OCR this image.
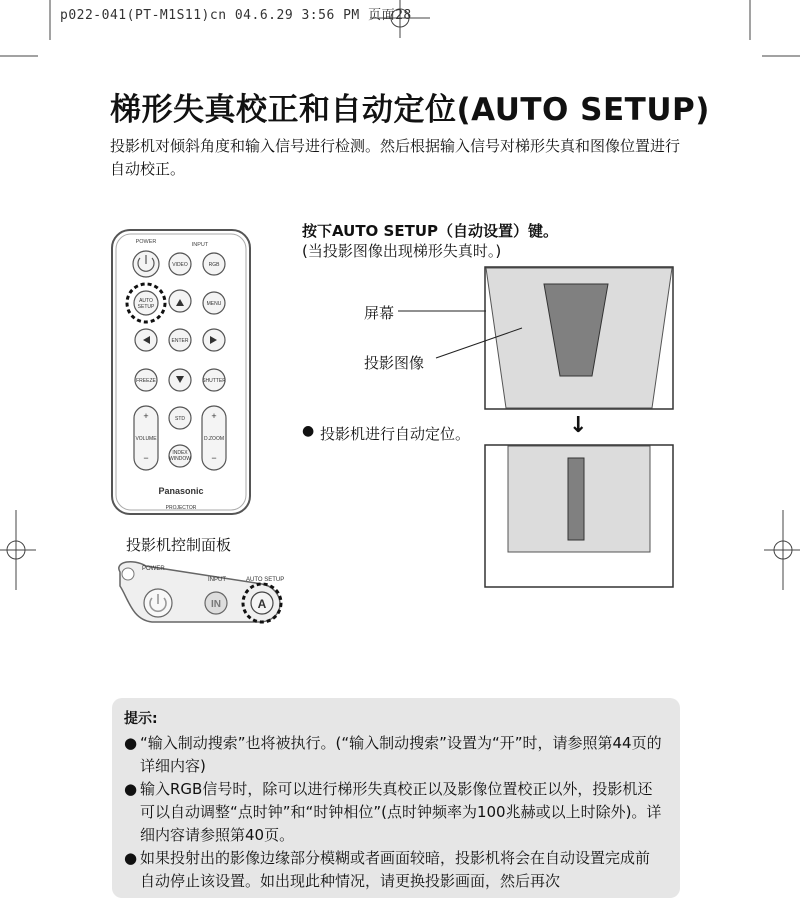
p022-041(PT-M1S11)cn 04.6.29 3:56 PM 页面28
梯形失真校正和自动定位(AUTO SETUP)
投影机对倾斜角度和输入信号进行检测。然后根据输入信号对梯形失真和图像位置进行自动校正。
POWER	INPUT
VIDEO	RGB
AUTO
SETUP	MENU
ENTER
FREEZE	SHUTTER
STD
VOLUME	D.ZOOM
INDEX
WINDOW
PROJECTOR
+
−
+
−
Panasonic
投影机控制面板
POWER
INPUT	AUTO SETUP
IN	A
按下AUTO SETUP（自动设置）键。
(当投影图像出现梯形失真时。)
屏幕
投影图像
↓
● 投影机进行自动定位。
提示:
● “输入制动搜索”也将被执行。(“输入制动搜索”设置为“开”时，请参照第44页的详细内容)
● 输入RGB信号时，除可以进行梯形失真校正以及影像位置校正以外，投影机还可以自动调整“点时钟”和“时钟相位”(点时钟频率为100兆赫或以上时除外)。详细内容请参照第40页。
● 如果投射出的影像边缘部分模糊或者画面较暗，投影机将会在自动设置完成前自动停止该设置。如出现此种情况，请更换投影画面，然后再次
